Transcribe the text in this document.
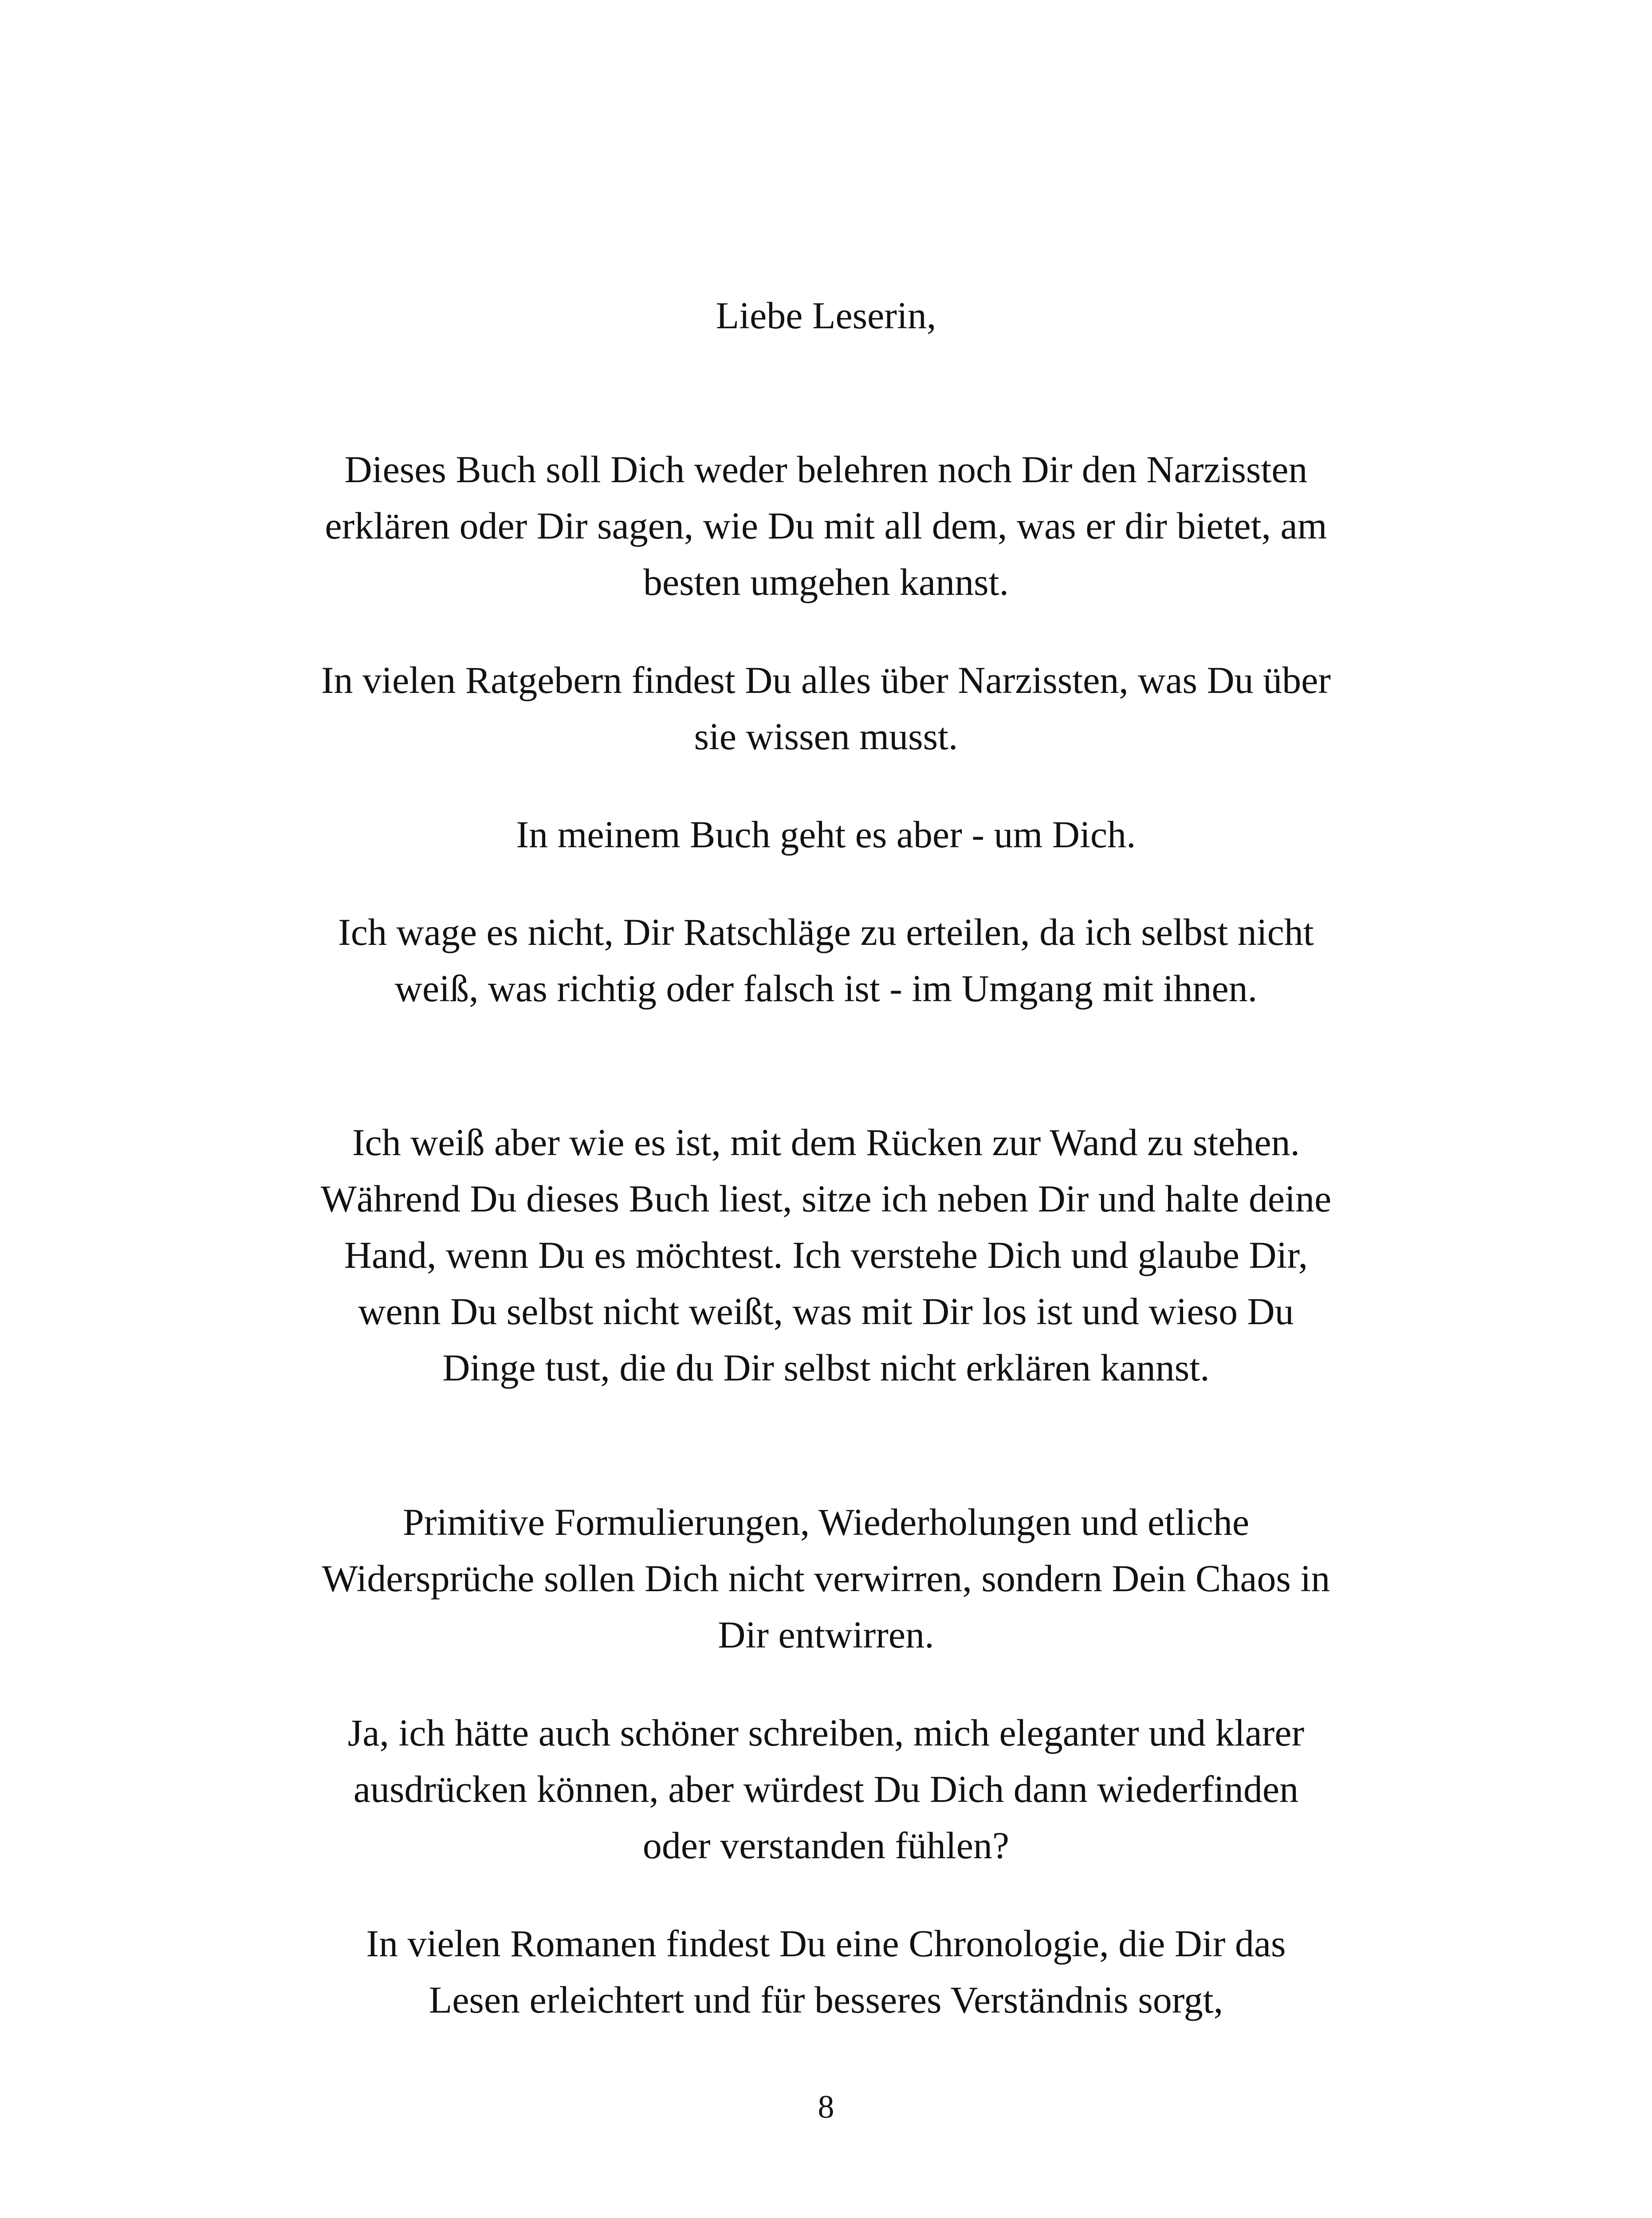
Liebe Leserin,

Dieses Buch soll Dich weder belehren noch Dir den Narzissten erklären oder Dir sagen, wie Du mit all dem, was er dir bietet, am besten umgehen kannst.

In vielen Ratgebern findest Du alles über Narzissten, was Du über sie wissen musst.

In meinem Buch geht es aber - um Dich.

Ich wage es nicht, Dir Ratschläge zu erteilen, da ich selbst nicht weiß, was richtig oder falsch ist - im Umgang mit ihnen.

Ich weiß aber wie es ist, mit dem Rücken zur Wand zu stehen. Während Du dieses Buch liest, sitze ich neben Dir und halte deine Hand, wenn Du es möchtest. Ich verstehe Dich und glaube Dir, wenn Du selbst nicht weißt, was mit Dir los ist und wieso Du Dinge tust, die du Dir selbst nicht erklären kannst.

Primitive Formulierungen, Wiederholungen und etliche Widersprüche sollen Dich nicht verwirren, sondern Dein Chaos in Dir entwirren.

Ja, ich hätte auch schöner schreiben, mich eleganter und klarer ausdrücken können, aber würdest Du Dich dann wiederfinden oder verstanden fühlen?

In vielen Romanen findest Du eine Chronologie, die Dir das Lesen erleichtert und für besseres Verständnis sorgt,

8
